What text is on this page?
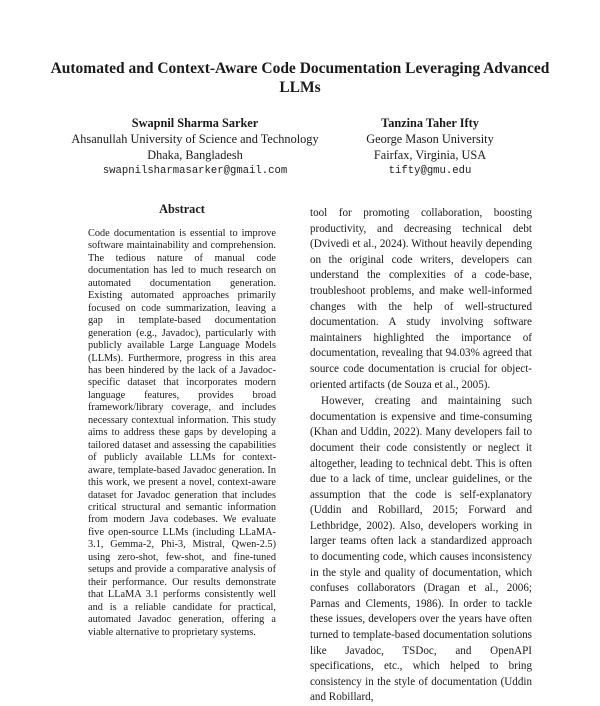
Automated and Context-Aware Code Documentation Leveraging Advanced LLMs
Swapnil Sharma Sarker
Ahsanullah University of Science and Technology
Dhaka, Bangladesh
swapnilsharmasarker@gmail.com
Tanzina Taher Ifty
George Mason University
Fairfax, Virginia, USA
tifty@gmu.edu
Abstract
Code documentation is essential to improve software maintainability and comprehension. The tedious nature of manual code documentation has led to much research on automated documentation generation. Existing automated approaches primarily focused on code summarization, leaving a gap in template-based documentation generation (e.g., Javadoc), particularly with publicly available Large Language Models (LLMs). Furthermore, progress in this area has been hindered by the lack of a Javadoc-specific dataset that incorporates modern language features, provides broad framework/library coverage, and includes necessary contextual information. This study aims to address these gaps by developing a tailored dataset and assessing the capabilities of publicly available LLMs for context-aware, template-based Javadoc generation. In this work, we present a novel, context-aware dataset for Javadoc generation that includes critical structural and semantic information from modern Java codebases. We evaluate five open-source LLMs (including LLaMA-3.1, Gemma-2, Phi-3, Mistral, Qwen-2.5) using zero-shot, few-shot, and fine-tuned setups and provide a comparative analysis of their performance. Our results demonstrate that LLaMA 3.1 performs consistently well and is a reliable candidate for practical, automated Javadoc generation, offering a viable alternative to proprietary systems.

tool for promoting collaboration, boosting productivity, and decreasing technical debt (Dvivedi et al., 2024). Without heavily depending on the original code writers, developers can understand the complexities of a code-base, troubleshoot problems, and make well-informed changes with the help of well-structured documentation. A study involving software maintainers highlighted the importance of documentation, revealing that 94.03% agreed that source code documentation is crucial for object-oriented artifacts (de Souza et al., 2005).

However, creating and maintaining such documentation is expensive and time-consuming (Khan and Uddin, 2022). Many developers fail to document their code consistently or neglect it altogether, leading to technical debt. This is often due to a lack of time, unclear guidelines, or the assumption that the code is self-explanatory (Uddin and Robillard, 2015; Forward and Lethbridge, 2002). Also, developers working in larger teams often lack a standardized approach to documenting code, which causes inconsistency in the style and quality of documentation, which confuses collaborators (Dragan et al., 2006; Parnas and Clements, 1986). In order to tackle these issues, developers over the years have often turned to template-based documentation solutions like Javadoc, TSDoc, and OpenAPI specifications, etc., which helped to bring consistency in the style of documentation (Uddin and Robillard,
